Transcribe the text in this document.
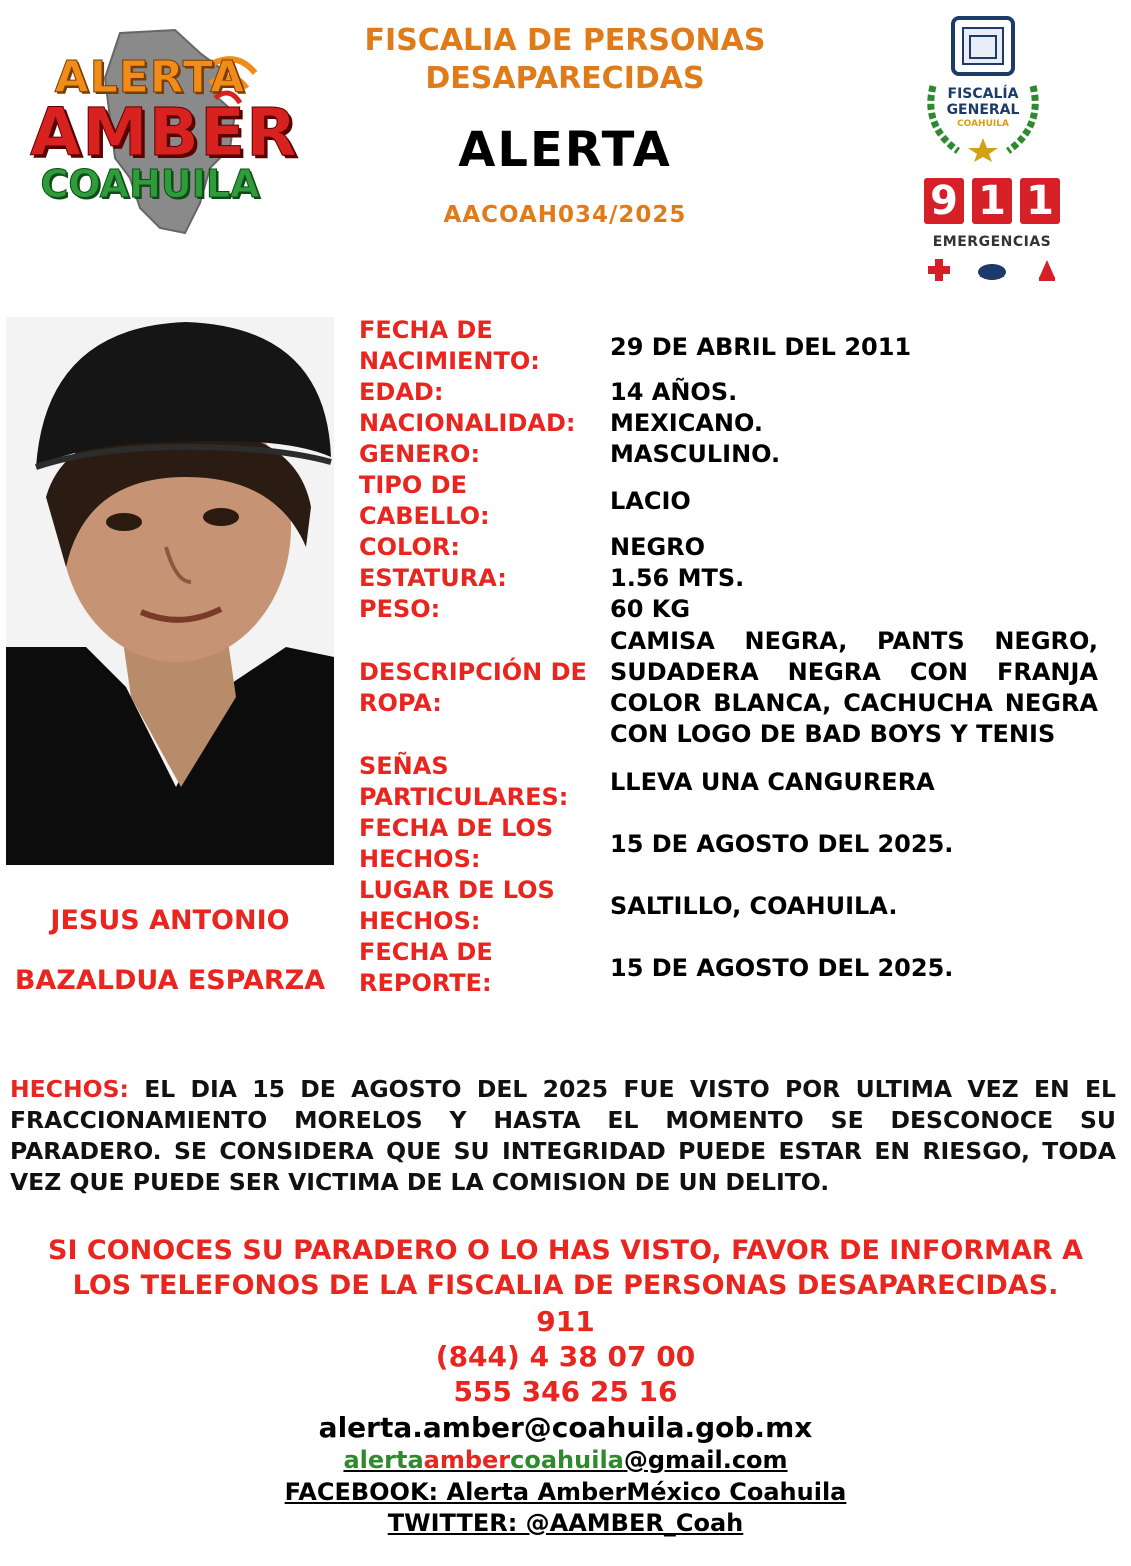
ALERTA
AMBER
COAHUILA
FISCALIA DE PERSONAS
DESAPARECIDAS
ALERTA
AACOAH034/2025
FISCALÍA
GENERAL
COAHUILA
9 1 1
EMERGENCIAS
JESUS ANTONIO
BAZALDUA ESPARZA
FECHA DE
NACIMIENTO:	29 DE ABRIL DEL 2011
EDAD:	14 AÑOS.
NACIONALIDAD:	MEXICANO.
GENERO:	MASCULINO.
TIPO DE
CABELLO:
LACIO
COLOR:	NEGRO
ESTATURA:	1.56 MTS.
PESO:	60 KG
DESCRIPCIÓN DE
ROPA:
CAMISA NEGRA, PANTS NEGRO, SUDADERA NEGRA CON FRANJA COLOR BLANCA, CACHUCHA NEGRA CON LOGO DE BAD BOYS Y TENIS
SEÑAS
PARTICULARES:
LLEVA UNA CANGURERA
FECHA DE LOS
HECHOS:
15 DE AGOSTO DEL 2025.
LUGAR DE LOS
HECHOS:
SALTILLO, COAHUILA.
FECHA DE
REPORTE:
15 DE AGOSTO DEL 2025.
HECHOS: EL DIA 15 DE AGOSTO DEL 2025 FUE VISTO POR ULTIMA VEZ EN EL FRACCIONAMIENTO MORELOS Y HASTA EL MOMENTO SE DESCONOCE SU PARADERO. SE CONSIDERA QUE SU INTEGRIDAD PUEDE ESTAR EN RIESGO, TODA VEZ QUE PUEDE SER VICTIMA DE LA COMISION DE UN DELITO.
SI CONOCES SU PARADERO O LO HAS VISTO, FAVOR DE INFORMAR A
LOS TELEFONOS DE LA FISCALIA DE PERSONAS DESAPARECIDAS.
911
(844) 4 38 07 00
555 346 25 16
alerta.amber@coahuila.gob.mx
alertaambercoahuila@gmail.com
FACEBOOK: Alerta AmberMéxico Coahuila
TWITTER: @AAMBER_Coah
